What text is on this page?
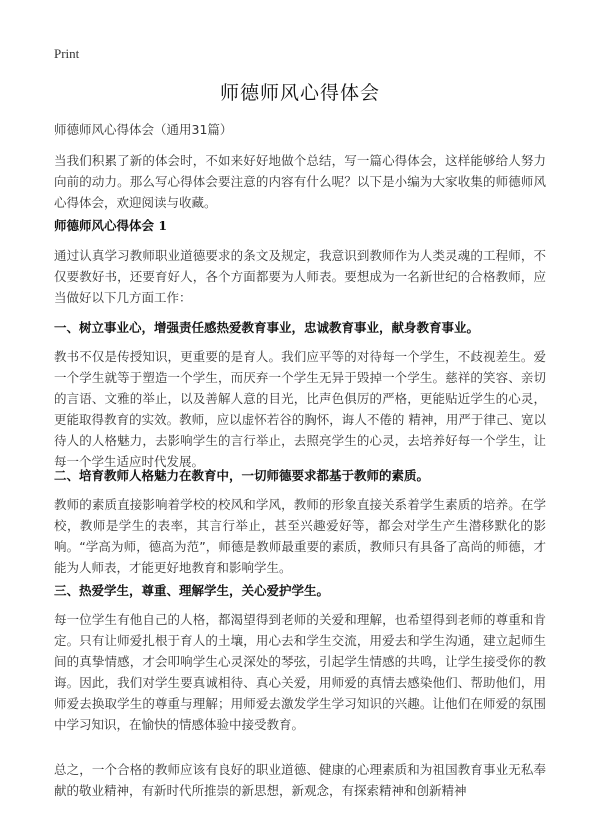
Print
师德师风心得体会
师德师风心得体会（通用31篇）
当我们积累了新的体会时，不如来好好地做个总结，写一篇心得体会，这样能够给人努力向前的动力。那么写心得体会要注意的内容有什么呢？以下是小编为大家收集的师德师风心得体会，欢迎阅读与收藏。
师德师风心得体会 1
通过认真学习教师职业道德要求的条文及规定，我意识到教师作为人类灵魂的工程师，不仅要教好书，还要育好人，各个方面都要为人师表。要想成为一名新世纪的合格教师，应当做好以下几方面工作：
一、树立事业心，增强责任感热爱教育事业，忠诚教育事业，献身教育事业。
教书不仅是传授知识，更重要的是育人。我们应平等的对待每一个学生，不歧视差生。爱一个学生就等于塑造一个学生，而厌弃一个学生无异于毁掉一个学生。慈祥的笑容、亲切的言语、文雅的举止，以及善解人意的目光，比声色俱厉的严格，更能贴近学生的心灵，更能取得教育的实效。教师，应以虚怀若谷的胸怀，诲人不倦的 精神，用严于律己、宽以待人的人格魅力，去影响学生的言行举止，去照亮学生的心灵，去培养好每一个学生，让每一个学生适应时代发展。
二、培育教师人格魅力在教育中，一切师德要求都基于教师的素质。
教师的素质直接影响着学校的校风和学风，教师的形象直接关系着学生素质的培养。在学校，教师是学生的表率，其言行举止，甚至兴趣爱好等，都会对学生产生潜移默化的影响。“学高为师，德高为范”，师德是教师最重要的素质，教师只有具备了高尚的师德，才能为人师表，才能更好地教育和影响学生。
三、热爱学生，尊重、理解学生，关心爱护学生。
每一位学生有他自己的人格，都渴望得到老师的关爱和理解，也希望得到老师的尊重和肯定。只有让师爱扎根于育人的土壤，用心去和学生交流，用爱去和学生沟通，建立起师生间的真挚情感，才会叩响学生心灵深处的琴弦，引起学生情感的共鸣，让学生接受你的教诲。因此，我们对学生要真诚相待、真心关爱，用师爱的真情去感染他们、帮助他们，用师爱去换取学生的尊重与理解；用师爱去激发学生学习知识的兴趣。让他们在师爱的氛围中学习知识，在愉快的情感体验中接受教育。
总之，一个合格的教师应该有良好的职业道德、健康的心理素质和为祖国教育事业无私奉献的敬业精神，有新时代所推崇的新思想，新观念，有探索精神和创新精神
